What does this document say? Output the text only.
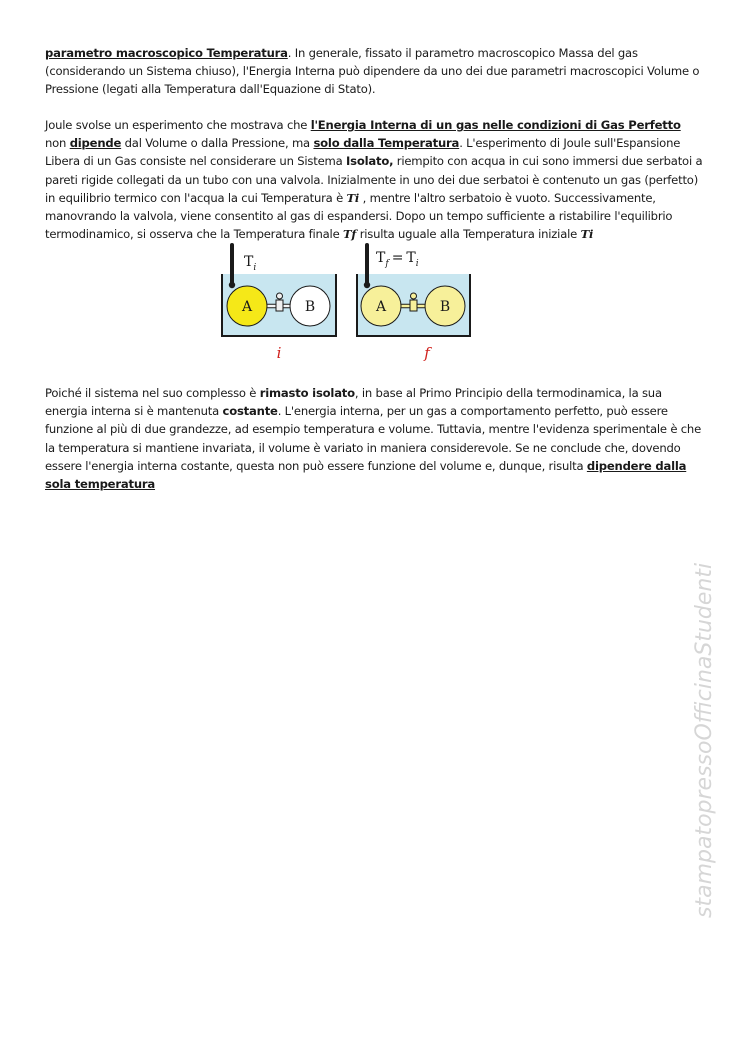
parametro macroscopico Temperatura. In generale, fissato il parametro macroscopico Massa del gas (considerando un Sistema chiuso), l'Energia Interna può dipendere da uno dei due parametri macroscopici Volume o Pressione (legati alla Temperatura dall'Equazione di Stato).

Joule svolse un esperimento che mostrava che l'Energia Interna di un gas nelle condizioni di Gas Perfetto non dipende dal Volume o dalla Pressione, ma solo dalla Temperatura. L'esperimento di Joule sull'Espansione Libera di un Gas consiste nel considerare un Sistema Isolato, riempito con acqua in cui sono immersi due serbatoi a pareti rigide collegati da un tubo con una valvola. Inizialmente in uno dei due serbatoi è contenuto un gas (perfetto) in equilibrio termico con l'acqua la cui Temperatura è Ti , mentre l'altro serbatoio è vuoto. Successivamente, manovrando la valvola, viene consentito al gas di espandersi. Dopo un tempo sufficiente a ristabilire l'equilibrio termodinamico, si osserva che la Temperatura finale Tf risulta uguale alla Temperatura iniziale Ti

$T_i$
A	B
i
$T_f = T_i$
A	B
f

Poiché il sistema nel suo complesso è rimasto isolato, in base al Primo Principio della termodinamica, la sua energia interna si è mantenuta costante. L'energia interna, per un gas a comportamento perfetto, può essere funzione al più di due grandezze, ad esempio temperatura e volume. Tuttavia, mentre l'evidenza sperimentale è che la temperatura si mantiene invariata, il volume è variato in maniera considerevole. Se ne conclude che, dovendo essere l'energia interna costante, questa non può essere funzione del volume e, dunque, risulta dipendere dalla sola temperatura

stampatopressoOfficinaStudenti
